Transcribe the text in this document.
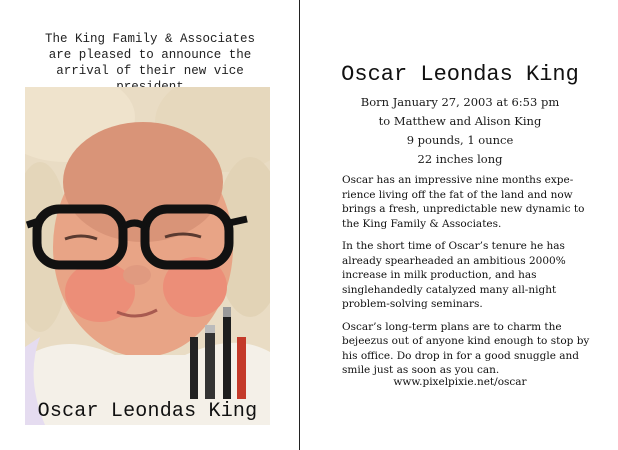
The King Family & Associates
are pleased to announce the
arrival of their new vice
Oscar Leondas King
Oscar Leondas King
Born January 27, 2003 at 6:53 pm
to Matthew and Alison King
9 pounds, 1 ounce
22 inches long

Oscar has an impressive nine months expe-rience living off the fat of the land and now brings a fresh, unpredictable new dynamic to the King Family & Associates.

In the short time of Oscar’s tenure he has already spearheaded an ambitious 2000% increase in milk production, and has singlehandedly catalyzed many all-night problem-solving seminars.

Oscar’s long-term plans are to charm the bejeezus out of anyone kind enough to stop by his office. Do drop in for a good snuggle and smile just as soon as you can.

www.pixelpixie.net/oscar
